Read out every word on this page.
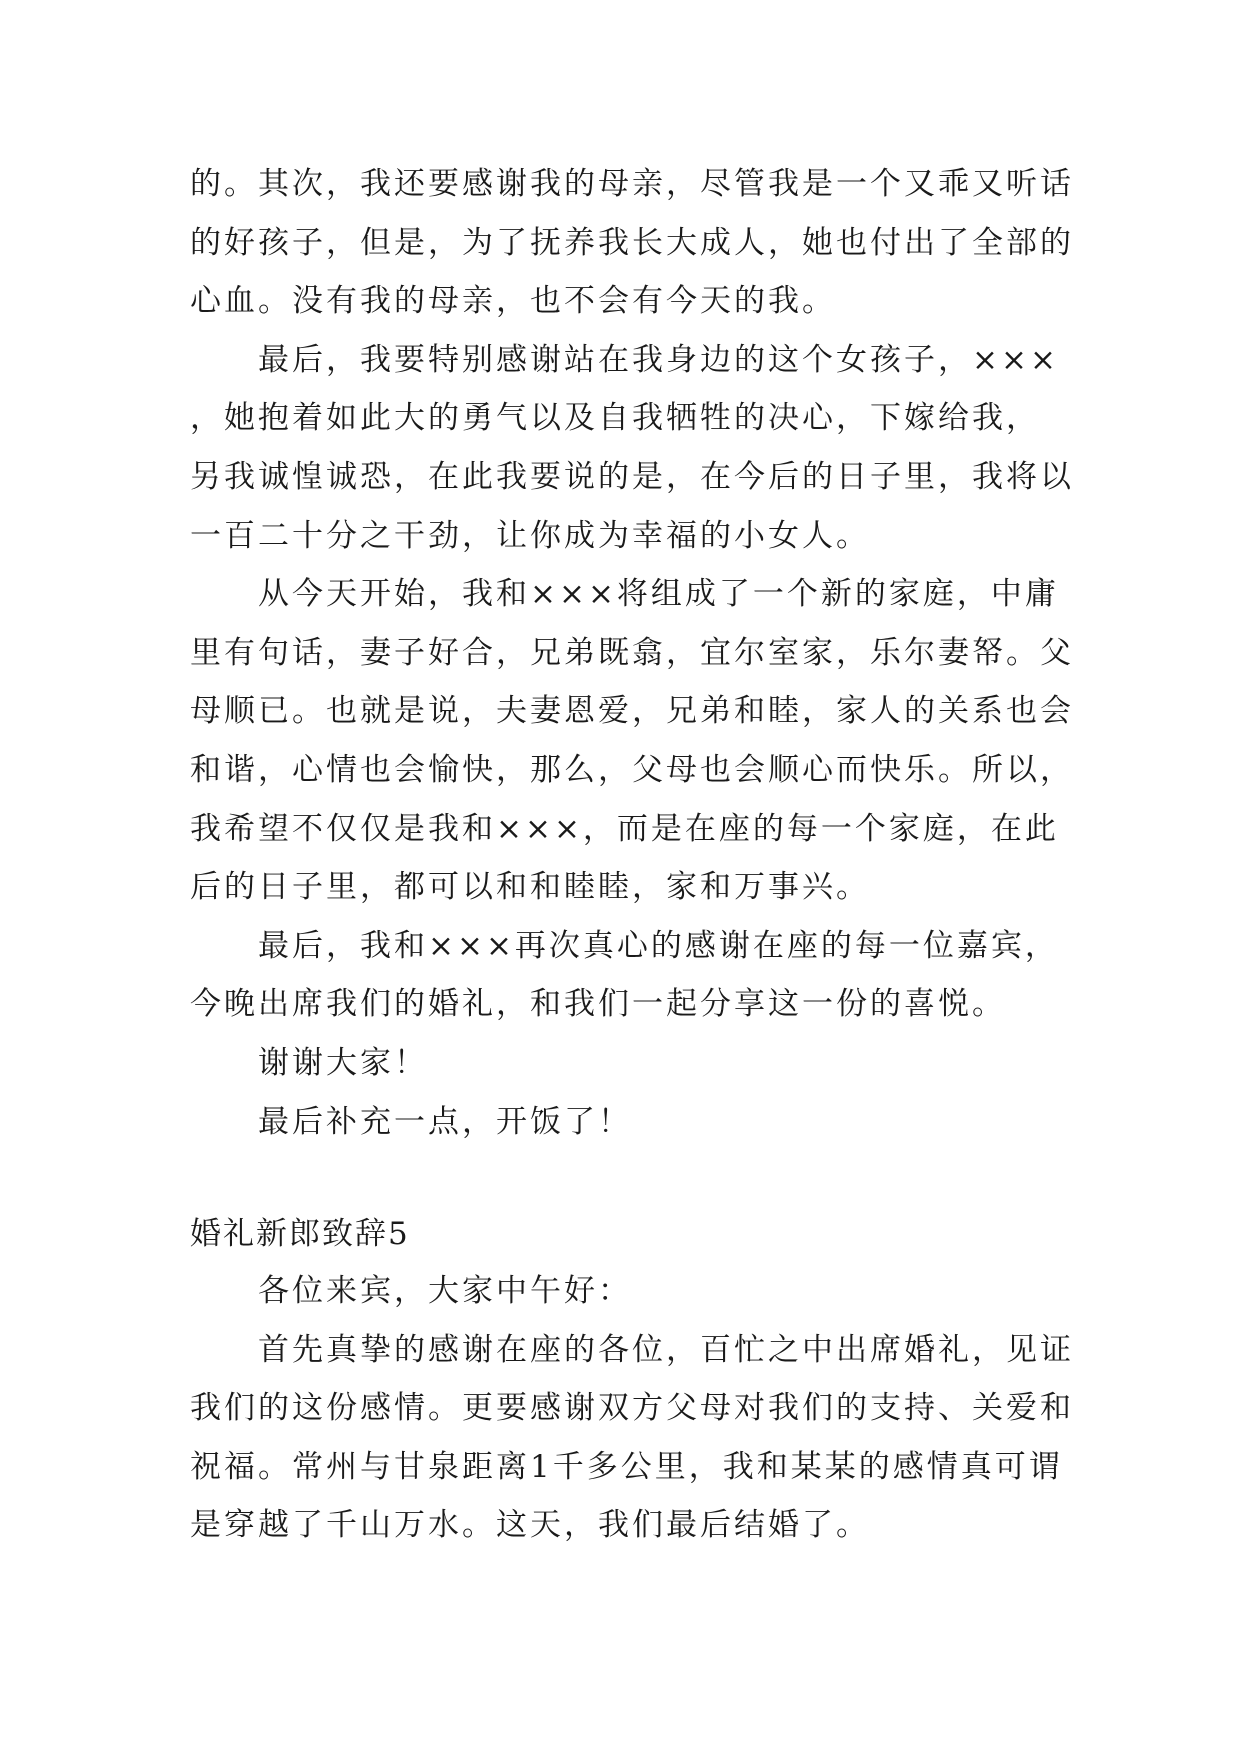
的。其次，我还要感谢我的母亲，尽管我是一个又乖又听话
的好孩子，但是，为了抚养我长大成人，她也付出了全部的
心血。没有我的母亲，也不会有今天的我。
最后，我要特别感谢站在我身边的这个女孩子，×××
，她抱着如此大的勇气以及自我牺牲的决心，下嫁给我，
另我诚惶诚恐，在此我要说的是，在今后的日子里，我将以
一百二十分之干劲，让你成为幸福的小女人。
从今天开始，我和×××将组成了一个新的家庭，中庸
里有句话，妻子好合，兄弟既翕，宜尔室家，乐尔妻帑。父
母顺已。也就是说，夫妻恩爱，兄弟和睦，家人的关系也会
和谐，心情也会愉快，那么，父母也会顺心而快乐。所以，
我希望不仅仅是我和×××，而是在座的每一个家庭，在此
后的日子里，都可以和和睦睦，家和万事兴。
最后，我和×××再次真心的感谢在座的每一位嘉宾，
今晚出席我们的婚礼，和我们一起分享这一份的喜悦。
谢谢大家！
最后补充一点，开饭了！
婚礼新郎致辞5
各位来宾，大家中午好：
首先真挚的感谢在座的各位，百忙之中出席婚礼，见证
我们的这份感情。更要感谢双方父母对我们的支持、关爱和
祝福。常州与甘泉距离1千多公里，我和某某的感情真可谓
是穿越了千山万水。这天，我们最后结婚了。
